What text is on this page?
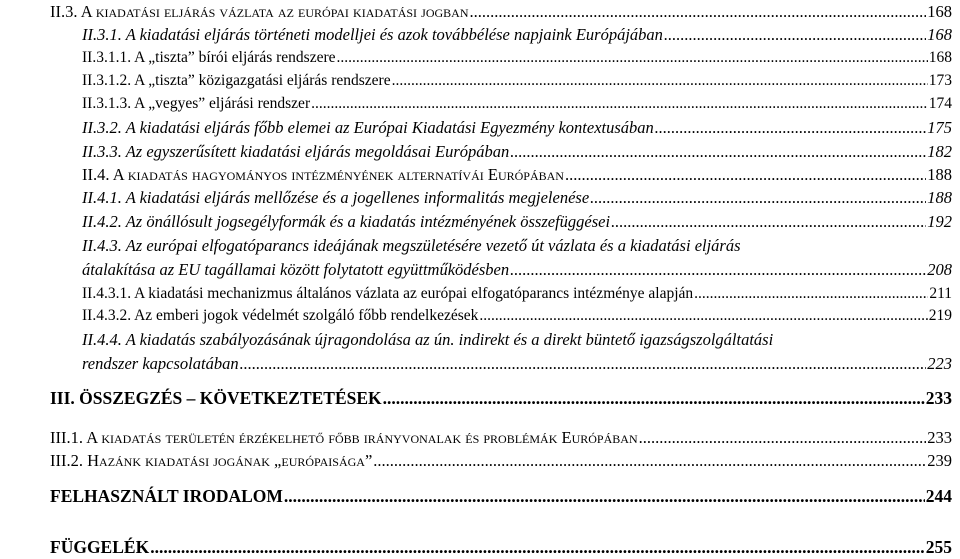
II.3. A kiadatási eljárás vázlata az európai kiadatási jogban .....	168
II.3.1. A kiadatási eljárás történeti modelljei és azok továbbélése napjaink Európájában .....	168
II.3.1.1. A „tiszta” bírói eljárás rendszere .....	168
II.3.1.2. A „tiszta” közigazgatási eljárás rendszere .....	173
II.3.1.3. A „vegyes” eljárási rendszer .....	174
II.3.2. A kiadatási eljárás főbb elemei az Európai Kiadatási Egyezmény kontextusában .....	175
II.3.3. Az egyszerűsített kiadatási eljárás megoldásai Európában .....	182
II.4. A kiadatás hagyományos intézményének alternatívái Európában .....	188
II.4.1. A kiadatási eljárás mellőzése és a jogellenes informalitás megjelenése .....	188
II.4.2. Az önállósult jogsegélyformák és a kiadatás intézményének összefüggései .....	192
II.4.3. Az európai elfogatóparancs ideájának megszületésére vezető út vázlata és a kiadatási eljárás
átalakítása az EU tagállamai között folytatott együttműködésben .....	208
II.4.3.1. A kiadatási mechanizmus általános vázlata az európai elfogatóparancs intézménye alapján .....	211
II.4.3.2. Az emberi jogok védelmét szolgáló főbb rendelkezések .....	219
II.4.4. A kiadatás szabályozásának újragondolása az ún. indirekt és a direkt büntető igazságszolgáltatási
rendszer kapcsolatában .....	223
III. ÖSSZEGZÉS – KÖVETKEZTETÉSEK .....	233
III.1. A kiadatás területén érzékelhető főbb irányvonalak és problémák Európában .....	233
III.2. Hazánk kiadatási jogának „európaisága” .....	239
FELHASZNÁLT IRODALOM .....	244
FÜGGELÉK .....	255
